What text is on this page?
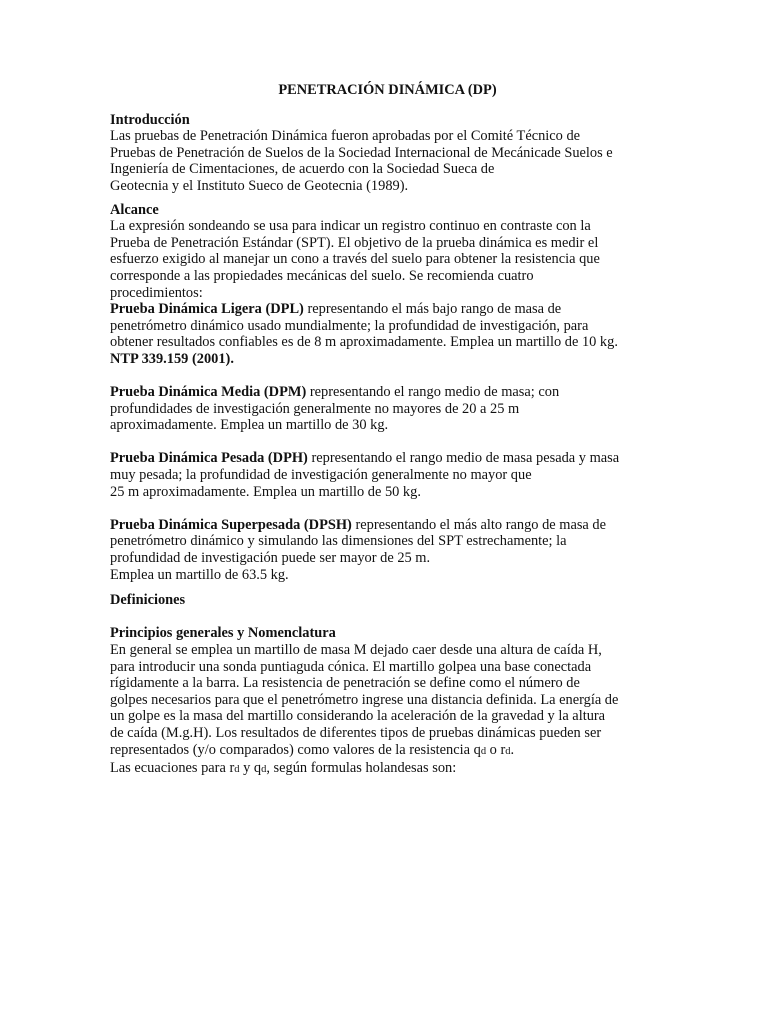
PENETRACIÓN DINÁMICA (DP)
Introducción
Las pruebas de Penetración Dinámica fueron aprobadas por el Comité Técnico de
Pruebas de Penetración de Suelos de la Sociedad Internacional de Mecánicade Suelos e
Ingeniería de Cimentaciones, de acuerdo con la Sociedad Sueca de
Geotecnia y el Instituto Sueco de Geotecnia (1989).
Alcance
La expresión sondeando se usa para indicar un registro continuo en contraste con la
Prueba de Penetración Estándar (SPT). El objetivo de la prueba dinámica es medir el
esfuerzo exigido al manejar un cono a través del suelo para obtener la resistencia que
corresponde a las propiedades mecánicas del suelo. Se recomienda cuatro
procedimientos:
Prueba Dinámica Ligera (DPL) representando el más bajo rango de masa de
penetrómetro dinámico usado mundialmente; la profundidad de investigación, para
obtener resultados confiables es de 8 m aproximadamente. Emplea un martillo de 10 kg.
NTP 339.159 (2001).
Prueba Dinámica Media (DPM) representando el rango medio de masa; con
profundidades de investigación generalmente no mayores de 20 a 25 m
aproximadamente. Emplea un martillo de 30 kg.
Prueba Dinámica Pesada (DPH) representando el rango medio de masa pesada y masa
muy pesada; la profundidad de investigación generalmente no mayor que
25 m aproximadamente. Emplea un martillo de 50 kg.
Prueba Dinámica Superpesada (DPSH) representando el más alto rango de masa de
penetrómetro dinámico y simulando las dimensiones del SPT estrechamente; la
profundidad de investigación puede ser mayor de 25 m.
Emplea un martillo de 63.5 kg.
Definiciones
Principios generales y Nomenclatura
En general se emplea un martillo de masa M dejado caer desde una altura de caída H,
para introducir una sonda puntiaguda cónica. El martillo golpea una base conectada
rígidamente a la barra. La resistencia de penetración se define como el número de
golpes necesarios para que el penetrómetro ingrese una distancia definida. La energía de
un golpe es la masa del martillo considerando la aceleración de la gravedad y la altura
de caída (M.g.H). Los resultados de diferentes tipos de pruebas dinámicas pueden ser
representados (y/o comparados) como valores de la resistencia qd o rd.
Las ecuaciones para rd y qd, según formulas holandesas son:
